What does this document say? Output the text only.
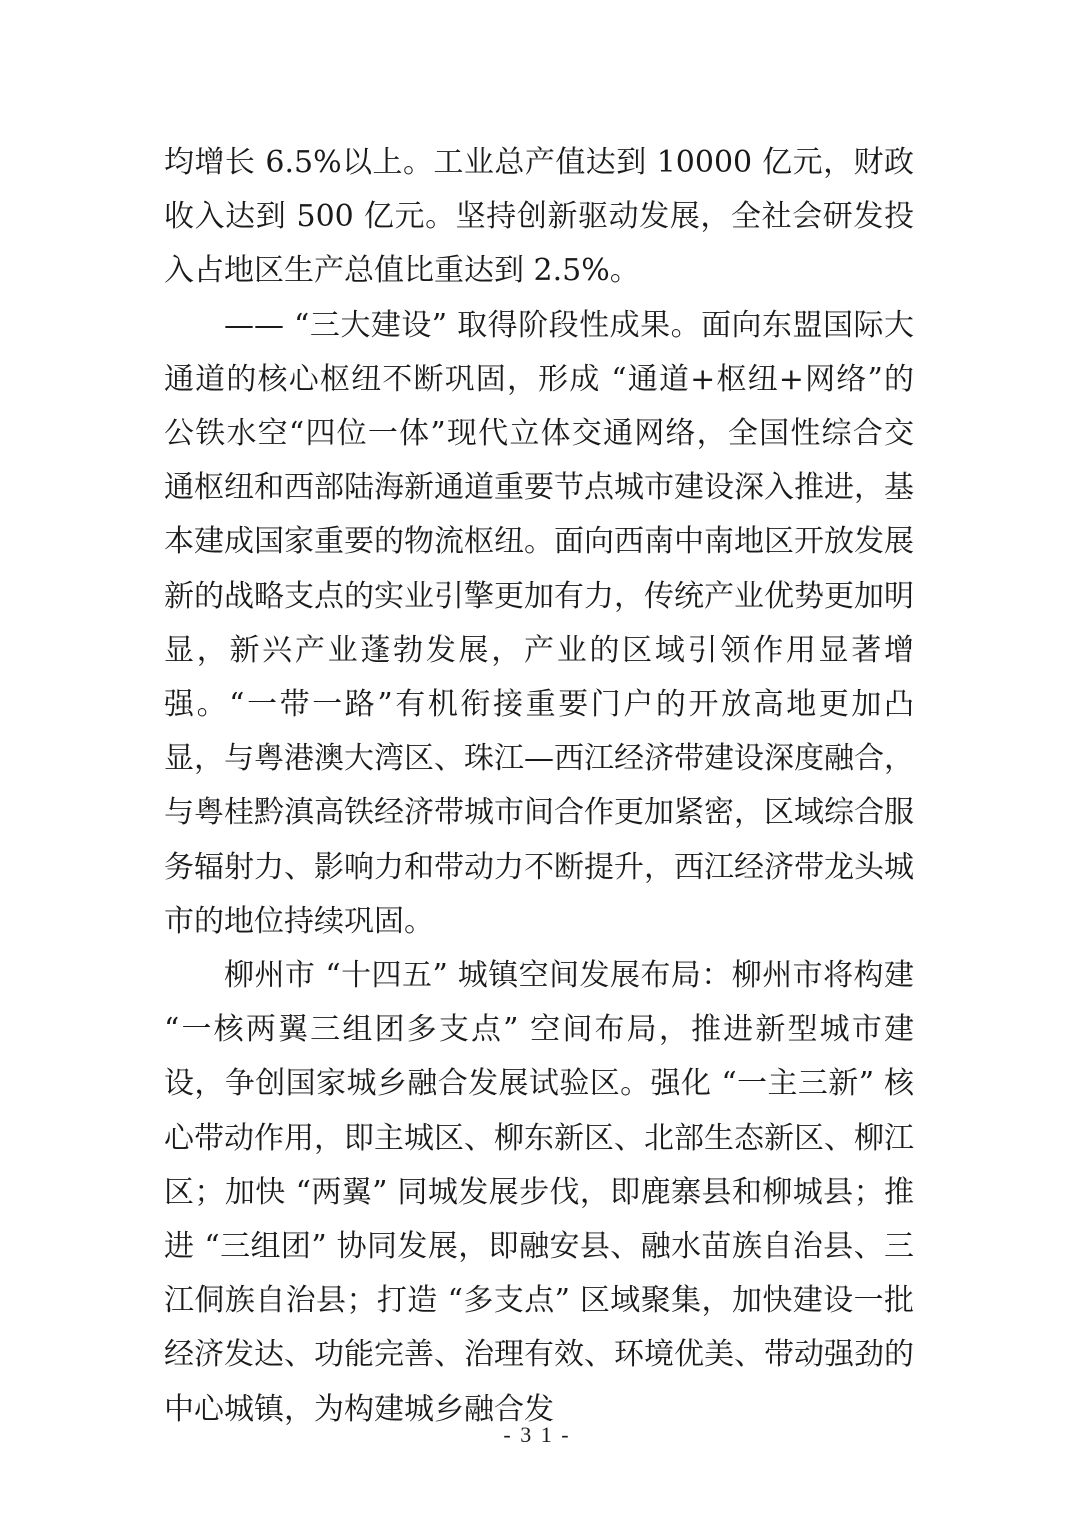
均增长 6.5%以上。工业总产值达到 10000 亿元，财政收入达到 500 亿元。坚持创新驱动发展，全社会研发投入占地区生产总值比重达到 2.5%。

—— “三大建设” 取得阶段性成果。面向东盟国际大通道的核心枢纽不断巩固，形成 “通道+枢纽+网络”的公铁水空“四位一体”现代立体交通网络，全国性综合交通枢纽和西部陆海新通道重要节点城市建设深入推进，基本建成国家重要的物流枢纽。面向西南中南地区开放发展新的战略支点的实业引擎更加有力，传统产业优势更加明显，新兴产业蓬勃发展，产业的区域引领作用显著增强。“一带一路”有机衔接重要门户的开放高地更加凸显，与粤港澳大湾区、珠江—西江经济带建设深度融合，与粤桂黔滇高铁经济带城市间合作更加紧密，区域综合服务辐射力、影响力和带动力不断提升，西江经济带龙头城市的地位持续巩固。

柳州市 “十四五” 城镇空间发展布局：柳州市将构建 “一核两翼三组团多支点” 空间布局，推进新型城市建设，争创国家城乡融合发展试验区。强化 “一主三新” 核心带动作用，即主城区、柳东新区、北部生态新区、柳江区；加快 “两翼” 同城发展步伐，即鹿寨县和柳城县；推进 “三组团” 协同发展，即融安县、融水苗族自治县、三江侗族自治县；打造 “多支点” 区域聚集，加快建设一批经济发达、功能完善、治理有效、环境优美、带动强劲的中心城镇，为构建城乡融合发

- 3 1 -
